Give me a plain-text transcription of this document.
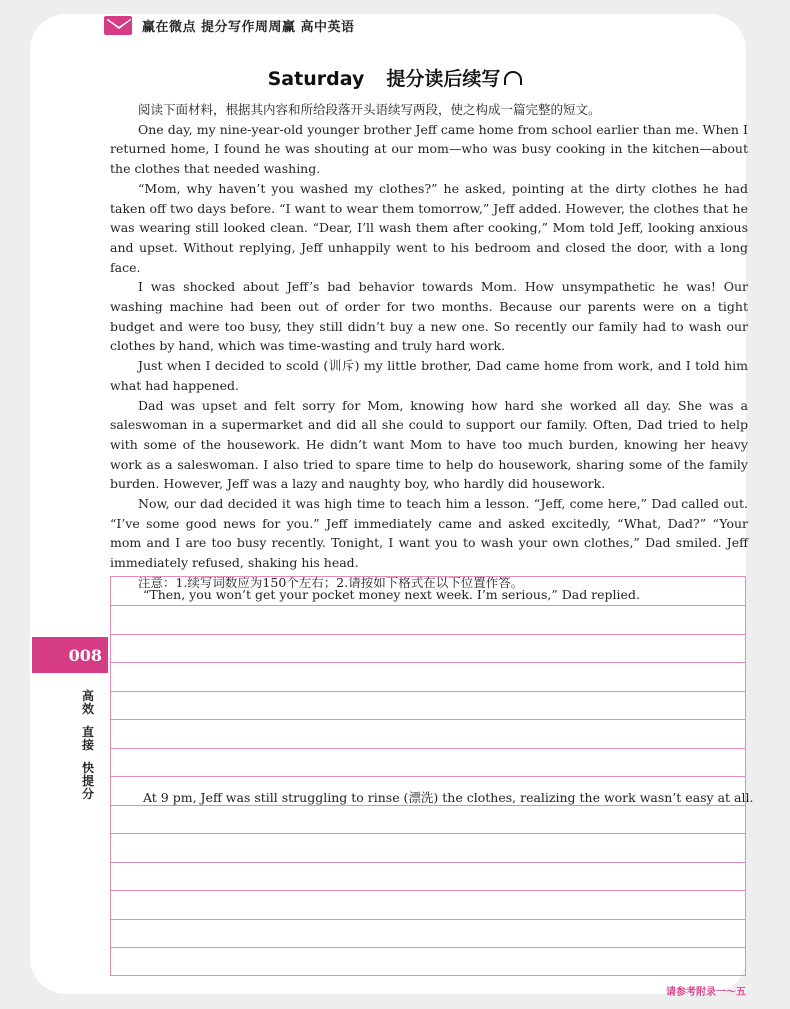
赢在微点 提分写作周周赢 高中英语
Saturday 提分读后续写

阅读下面材料，根据其内容和所给段落开头语续写两段，使之构成一篇完整的短文。

One day, my nine-year-old younger brother Jeff came home from school earlier than me. When I returned home, I found he was shouting at our mom—who was busy cooking in the kitchen—about the clothes that needed washing.

“Mom, why haven’t you washed my clothes?” he asked, pointing at the dirty clothes he had taken off two days before. “I want to wear them tomorrow,” Jeff added. However, the clothes that he was wearing still looked clean. “Dear, I’ll wash them after cooking,” Mom told Jeff, looking anxious and upset. Without replying, Jeff unhappily went to his bedroom and closed the door, with a long face.

I was shocked about Jeff’s bad behavior towards Mom. How unsympathetic he was! Our washing machine had been out of order for two months. Because our parents were on a tight budget and were too busy, they still didn’t buy a new one. So recently our family had to wash our clothes by hand, which was time-wasting and truly hard work.

Just when I decided to scold (训斥) my little brother, Dad came home from work, and I told him what had happened.

Dad was upset and felt sorry for Mom, knowing how hard she worked all day. She was a saleswoman in a supermarket and did all she could to support our family. Often, Dad tried to help with some of the housework. He didn’t want Mom to have too much burden, knowing her heavy work as a saleswoman. I also tried to spare time to help do housework, sharing some of the family burden. However, Jeff was a lazy and naughty boy, who hardly did housework.

Now, our dad decided it was high time to teach him a lesson. “Jeff, come here,” Dad called out. “I’ve some good news for you.” Jeff immediately came and asked excitedly, “What, Dad?” “Your mom and I are too busy recently. Tonight, I want you to wash your own clothes,” Dad smiled. Jeff immediately refused, shaking his head.

注意：1.续写词数应为150个左右；2.请按如下格式在以下位置作答。

“Then, you won’t get your pocket money next week. I’m serious,” Dad replied.
At 9 pm, Jeff was still struggling to rinse (漂洗) the clothes, realizing the work wasn’t easy at all.
008
高效
直接
快提分
请参考附录一～五
